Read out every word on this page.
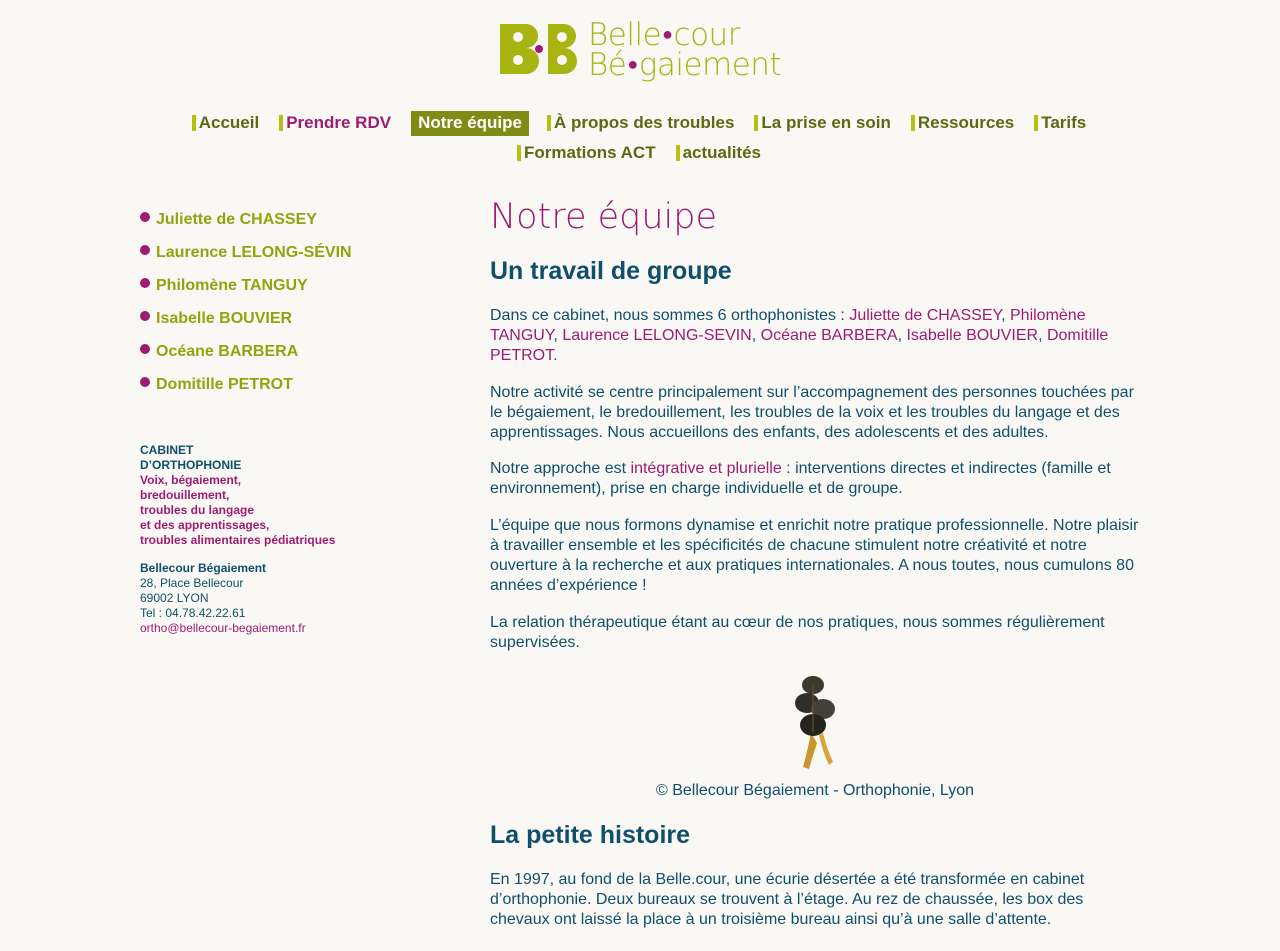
Belle●cour
Bé●gaiement
Accueil Prendre RDV Notre équipe À propos des troubles La prise en soin Ressources Tarifs
Formations ACT actualités
Juliette de CHASSEY
Laurence LELONG-SÉVIN
Philomène TANGUY
Isabelle BOUVIER
Océane BARBERA
Domitille PETROT
CABINET
D’ORTHOPHONIE
Voix, bégaiement,
bredouillement,
troubles du langage
et des apprentissages,
troubles alimentaires pédiatriques
Bellecour Bégaiement
28, Place Bellecour
69002 LYON
Tel : 04.78.42.22.61
ortho@bellecour-begaiement.fr
Notre équipe
Un travail de groupe

Dans ce cabinet, nous sommes 6 orthophonistes : Juliette de CHASSEY, Philomène TANGUY, Laurence LELONG-SEVIN, Océane BARBERA, Isabelle BOUVIER, Domitille PETROT.

Notre activité se centre principalement sur l’accompagnement des personnes touchées par le bégaiement, le bredouillement, les troubles de la voix et les troubles du langage et des apprentissages. Nous accueillons des enfants, des adolescents et des adultes.

Notre approche est intégrative et plurielle : interventions directes et indirectes (famille et environnement), prise en charge individuelle et de groupe.

L’équipe que nous formons dynamise et enrichit notre pratique professionnelle. Notre plaisir à travailler ensemble et les spécificités de chacune stimulent notre créativité et notre ouverture à la recherche et aux pratiques internationales. A nous toutes, nous cumulons 80 années d’expérience !

La relation thérapeutique étant au cœur de nos pratiques, nous sommes régulièrement supervisées.

© Bellecour Bégaiement - Orthophonie, Lyon
La petite histoire

En 1997, au fond de la Belle.cour, une écurie désertée a été transformée en cabinet d’orthophonie. Deux bureaux se trouvent à l’étage. Au rez de chaussée, les box des chevaux ont laissé la place à un troisième bureau ainsi qu’à une salle d’attente.
